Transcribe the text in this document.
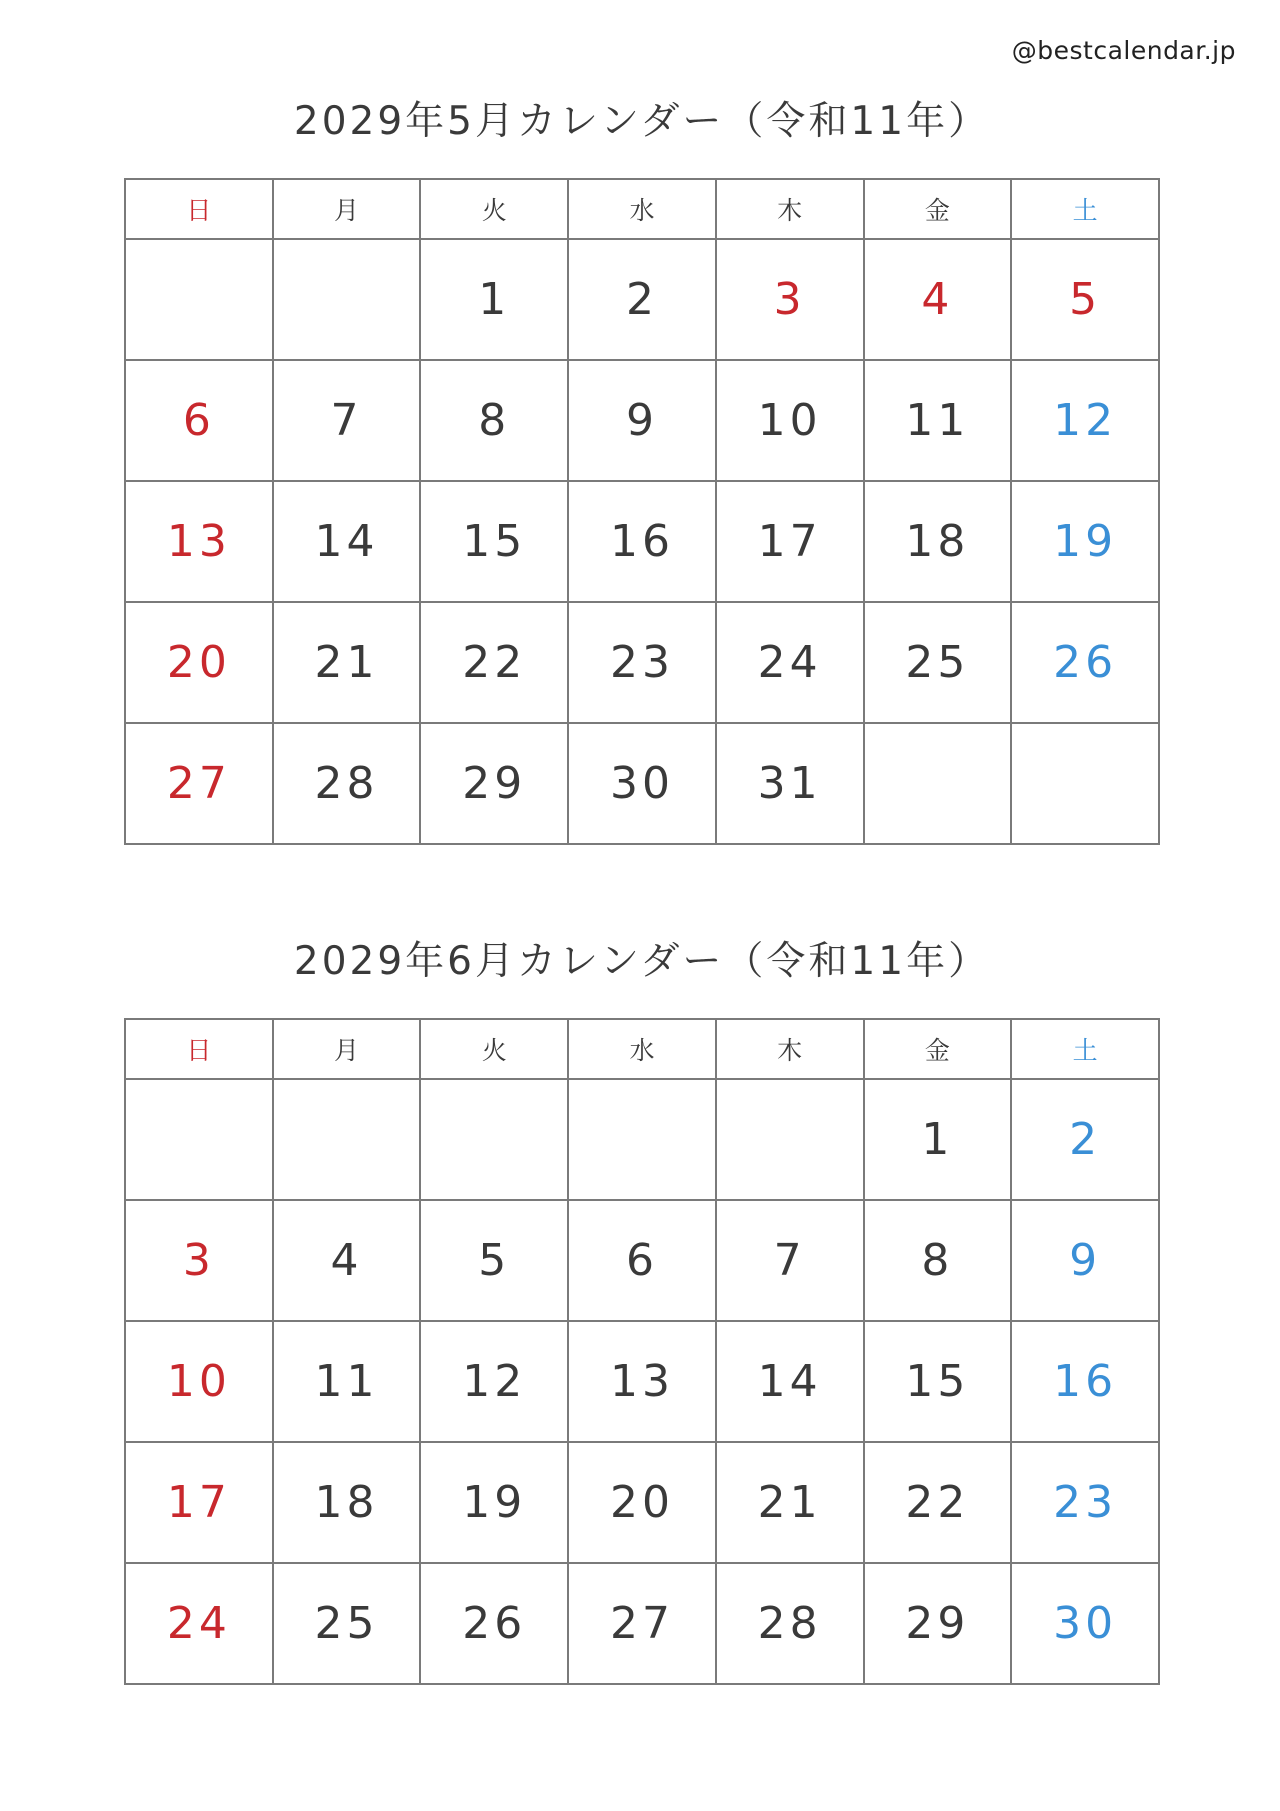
@bestcalendar.jp
2029年5月カレンダー（令和11年）
日	月	火	水	木	金	土
		1	2	3	4	5
6	7	8	9	10	11	12
13	14	15	16	17	18	19
20	21	22	23	24	25	26
27	28	29	30	31		
2029年6月カレンダー（令和11年）
日	月	火	水	木	金	土
					1	2
3	4	5	6	7	8	9
10	11	12	13	14	15	16
17	18	19	20	21	22	23
24	25	26	27	28	29	30
